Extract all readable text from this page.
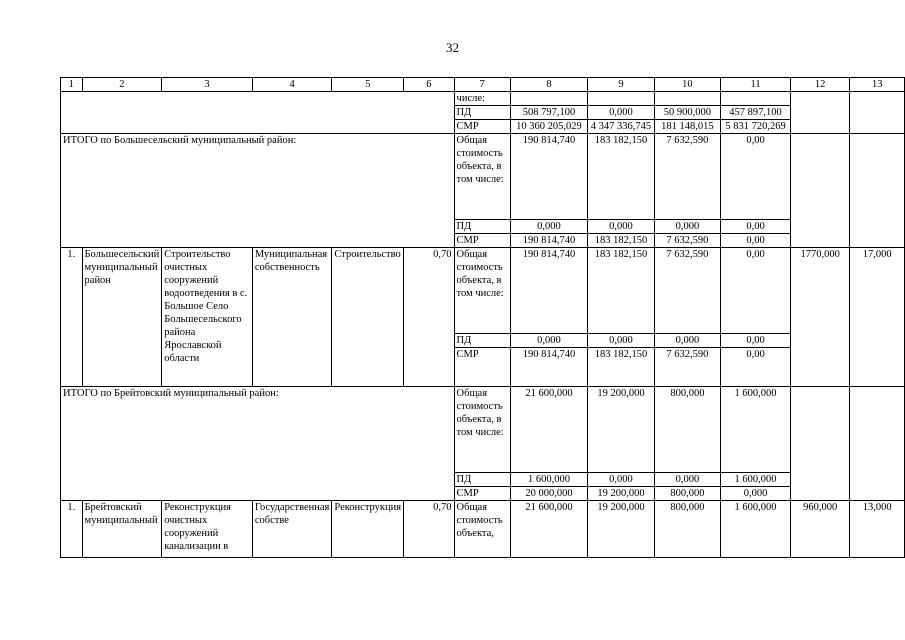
32
1	2	3	4	5	6	7	8	9	10	11	12	13
						числе:						
						ПД	508 797,100	0,000	50 900,000	457 897,100		
						СМР	10 360 205,029	4 347 336,745	181 148,015	5 831 720,269		
ИТОГО по Большесельский муниципальный район:						Общая стоимость объекта, в том числе:	190 814,740	183 182,150	7 632,590	0,00		
						ПД	0,000	0,000	0,000	0,00		
						СМР	190 814,740	183 182,150	7 632,590	0,00		
1.	Большесельский муниципальный район	Строительство очистных сооружений водоотведения в с. Большое Село Большесельского района Ярославской области	Муниципальная собственность	Строительство	0,70	Общая стоимость объекта, в том числе:	190 814,740	183 182,150	7 632,590	0,00	1770,000	17,000
						ПД	0,000	0,000	0,000	0,00		
						СМР	190 814,740	183 182,150	7 632,590	0,00		
ИТОГО по Брейтовский муниципальный район:						Общая стоимость объекта, в том числе:	21 600,000	19 200,000	800,000	1 600,000		
						ПД	1 600,000	0,000	0,000	1 600,000		
						СМР	20 000,000	19 200,000	800,000	0,000		
1.	Брейтовский муниципальный	Реконструкция очистных сооружений канализации в	Государственная собстве	Реконструкция	0,70	Общая стоимость объекта,	21 600,000	19 200,000	800,000	1 600,000	960,000	13,000
